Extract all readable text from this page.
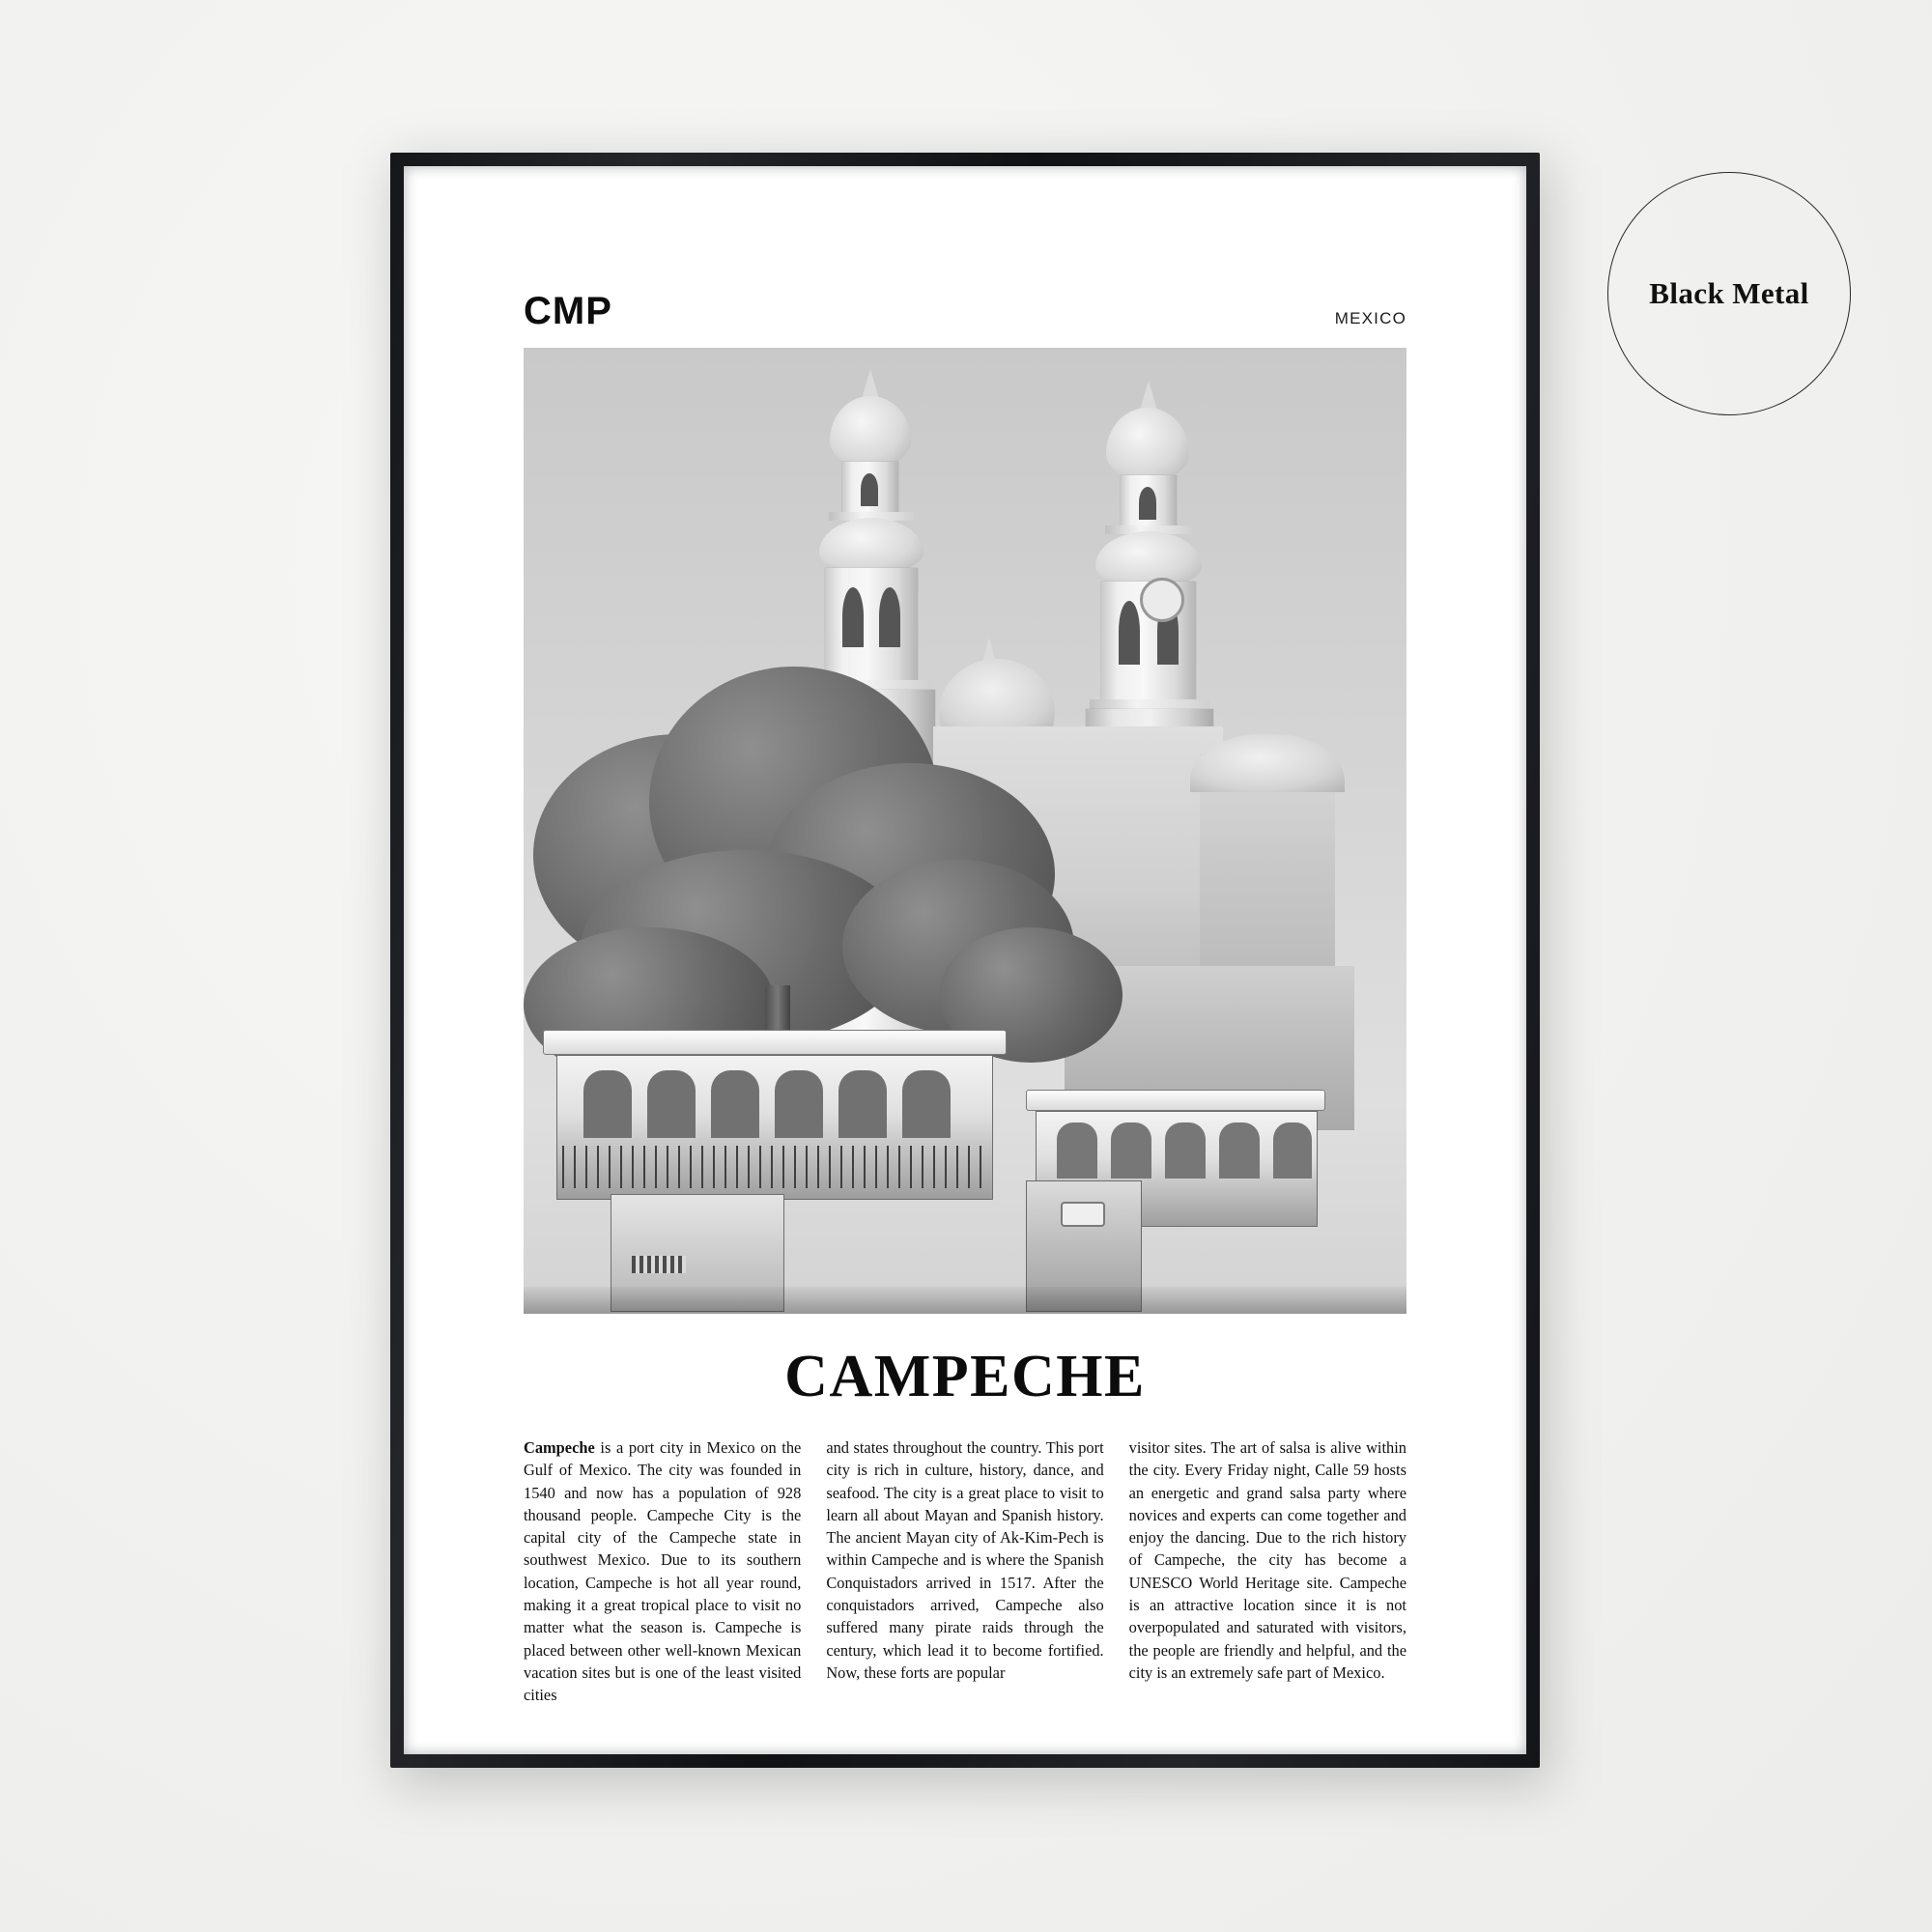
CMP	MEXICO
CAMPECHE
Campeche is a port city in Mexico on the Gulf of Mexico. The city was founded in 1540 and now has a population of 928 thousand people. Campeche City is the capital city of the Campeche state in southwest Mexico. Due to its southern location, Campeche is hot all year round, making it a great tropical place to visit no matter what the season is. Campeche is placed between other well-known Mexican vacation sites but is one of the least visited cities
and states throughout the country. This port city is rich in culture, history, dance, and seafood. The city is a great place to visit to learn all about Mayan and Spanish history. The ancient Mayan city of Ak-Kim-Pech is within Campeche and is where the Spanish Conquistadors arrived in 1517. After the conquistadors arrived, Campeche also suffered many pirate raids through the century, which lead it to become fortified. Now, these forts are popular
visitor sites. The art of salsa is alive within the city. Every Friday night, Calle 59 hosts an energetic and grand salsa party where novices and experts can come together and enjoy the dancing. Due to the rich history of Campeche, the city has become a UNESCO World Heritage site. Campeche is an attractive location since it is not overpopulated and saturated with visitors, the people are friendly and helpful, and the city is an extremely safe part of Mexico.
Black Metal
